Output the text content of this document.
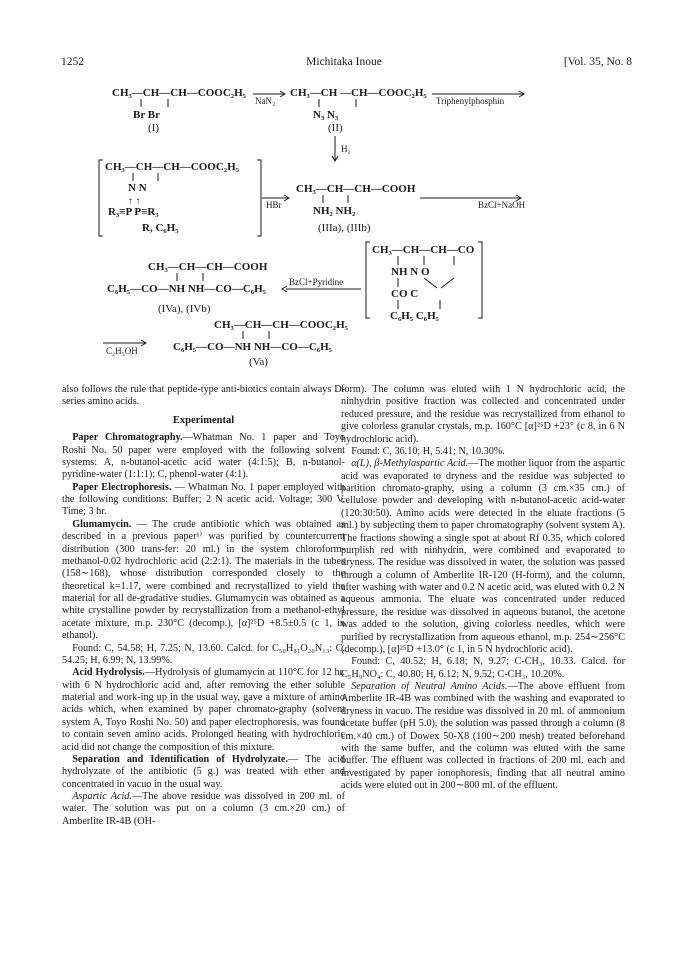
1252	Michitaka Inoue	[Vol. 35, No. 8
CH₃—CH—CH—COOC₂H₅
Br Br
(I)
NaN₃
CH₃—CH —CH—COOC₂H₅
N₃ N₃
(II)
Triphenylphosphin
H₂
CH₃—CH—CH—COOC₂H₅
N N
↑ ↑
R₃≡P P≡R₃
R, C₆H₅
HBr
CH₃—CH—CH—COOH
NH₂ NH₂
(IIIa), (IIIb)
BzCl+NaOH
CH₃—CH—CH—COOH
C₆H₅—CO—NH NH—CO—C₆H₅
(IVa), (IVb)
BzCl+Pyridine
CH₃—CH—CH—CO
NH N O
CO C
C₆H₅ C₆H₅
C₂H₅OH
CH₃—CH—CH—COOC₂H₅
C₆H₅—CO—NH NH—CO—C₆H₅
(Va)

also follows the rule that peptide-type anti-biotics contain always D-series amino acids.

Experimental

Paper Chromatography.—Whatman No. 1 paper and Toyo Roshi No. 50 paper were employed with the following solvent systems: A, n-butanol-acetic acid water (4:1:5); B, n-butanol-pyridine-water (1:1:1); C, phenol-water (4:1).

Paper Electrophoresis. — Whatman No. 1 paper employed with the following conditions: Buffer; 2 N acetic acid. Voltage; 300 V. Time; 3 hr.

Glumamycin. — The crude antibiotic which was obtained as described in a previous paper¹⁾ was purified by countercurrent distribution (300 trans-fer: 20 ml.) in the system chloroform-methanol-0.02 hydrochloric acid (2:2:1). The materials in the tubes (158∼168), whose distribution corresponded closely to the theoretical k=1.17, were combined and recrystallized to yield the material for all de-gradative studies. Glumamycin was obtained as a white crystalline powder by recrystallization from a methanol-ethyl acetate mixture, m.p. 230°C (decomp.), [α]²⁵D +8.5±0.5 (c 1, in ethanol).

Found: C, 54.58; H, 7.25; N, 13.60. Calcd. for C₅₀H₈₁O₂₀N₁₃: C, 54.25; H, 6.99; N, 13.99%.

Acid Hydrolysis.—Hydrolysis of glumamycin at 110°C for 12 hr. with 6 N hydrochloric acid and, after removing the ether soluble material and work-ing up in the usual way, gave a mixture of amino acids which, when examined by paper chromato-graphy (solvent system A, Toyo Roshi No. 50) and paper electrophoresis, was found to contain seven amino acids. Prolonged heating with hydrochloric acid did not change the composition of this mixture.

Separation and Identification of Hydrolyzate.— The acid hydrolyzate of the antibiotic (5 g.) was treated with ether and concentrated in vacuo in the usual way.

Aspartic Acid.—The above residue was dissolved in 200 ml. of water. The solution was put on a column (3 cm.×20 cm.) of Amberlite IR-4B (OH-

form). The column was eluted with 1 N hydrochloric acid, the ninhydrin positive fraction was collected and concentrated under reduced pressure, and the residue was recrystallized from ethanol to give colorless granular crystals, m.p. 160°C [α]²⁵D +23° (c 8, in 6 N hydrochloric acid).

Found: C, 36.10; H, 5.41; N, 10.30%.

α(L), β-Methylaspartic Acid.—The mother liquor from the aspartic acid was evaporated to dryness and the residue was subjected to partition chromato-graphy, using a column (3 cm.×35 cm.) of cellulose powder and developing with n-butanol-acetic acid-water (120:30:50). Amino acids were detected in the eluate fractions (5 ml.) by subjecting them to paper chromatography (solvent system A). The fractions showing a single spot at about Rf 0.35, which colored purplish red with ninhydrin, were combined and evaporated to dryness. The residue was dissolved in water, the solution was passed through a column of Amberlite IR-120 (H-form), and the column, after washing with water and 0.2 N acetic acid, was eluted with 0.2 N aqueous ammonia. The eluate was concentrated under reduced pressure, the residue was dissolved in aqueous butanol, the acetone was added to the solution, giving colorless needles, which were purified by recrystallization from aqueous ethanol, m.p. 254∼256°C (decomp.), [α]²⁵D +13.0° (c 1, in 5 N hydrochloric acid).

Found: C, 40.52; H, 6.18; N, 9.27; C-CH₃, 10.33. Calcd. for C₅H₉NO₄: C, 40.80; H, 6.12; N, 9.52; C-CH₃, 10.20%.

Separation of Neutral Amino Acids.—The above effluent from Amberlite IR-4B was combined with the washing and evaporated to dryness in vacuo. The residue was dissolved in 20 ml. of ammonium acetate buffer (pH 5.0), the solution was passed through a column (8 cm.×40 cm.) of Dowex 50-X8 (100∼200 mesh) treated beforehand with the same buffer, and the column was eluted with the same buffer. The effluent was collected in fractions of 200 ml. each and investigated by paper ionophoresis, finding that all neutral amino acids were eluted out in 200∼800 ml. of the effluent.
